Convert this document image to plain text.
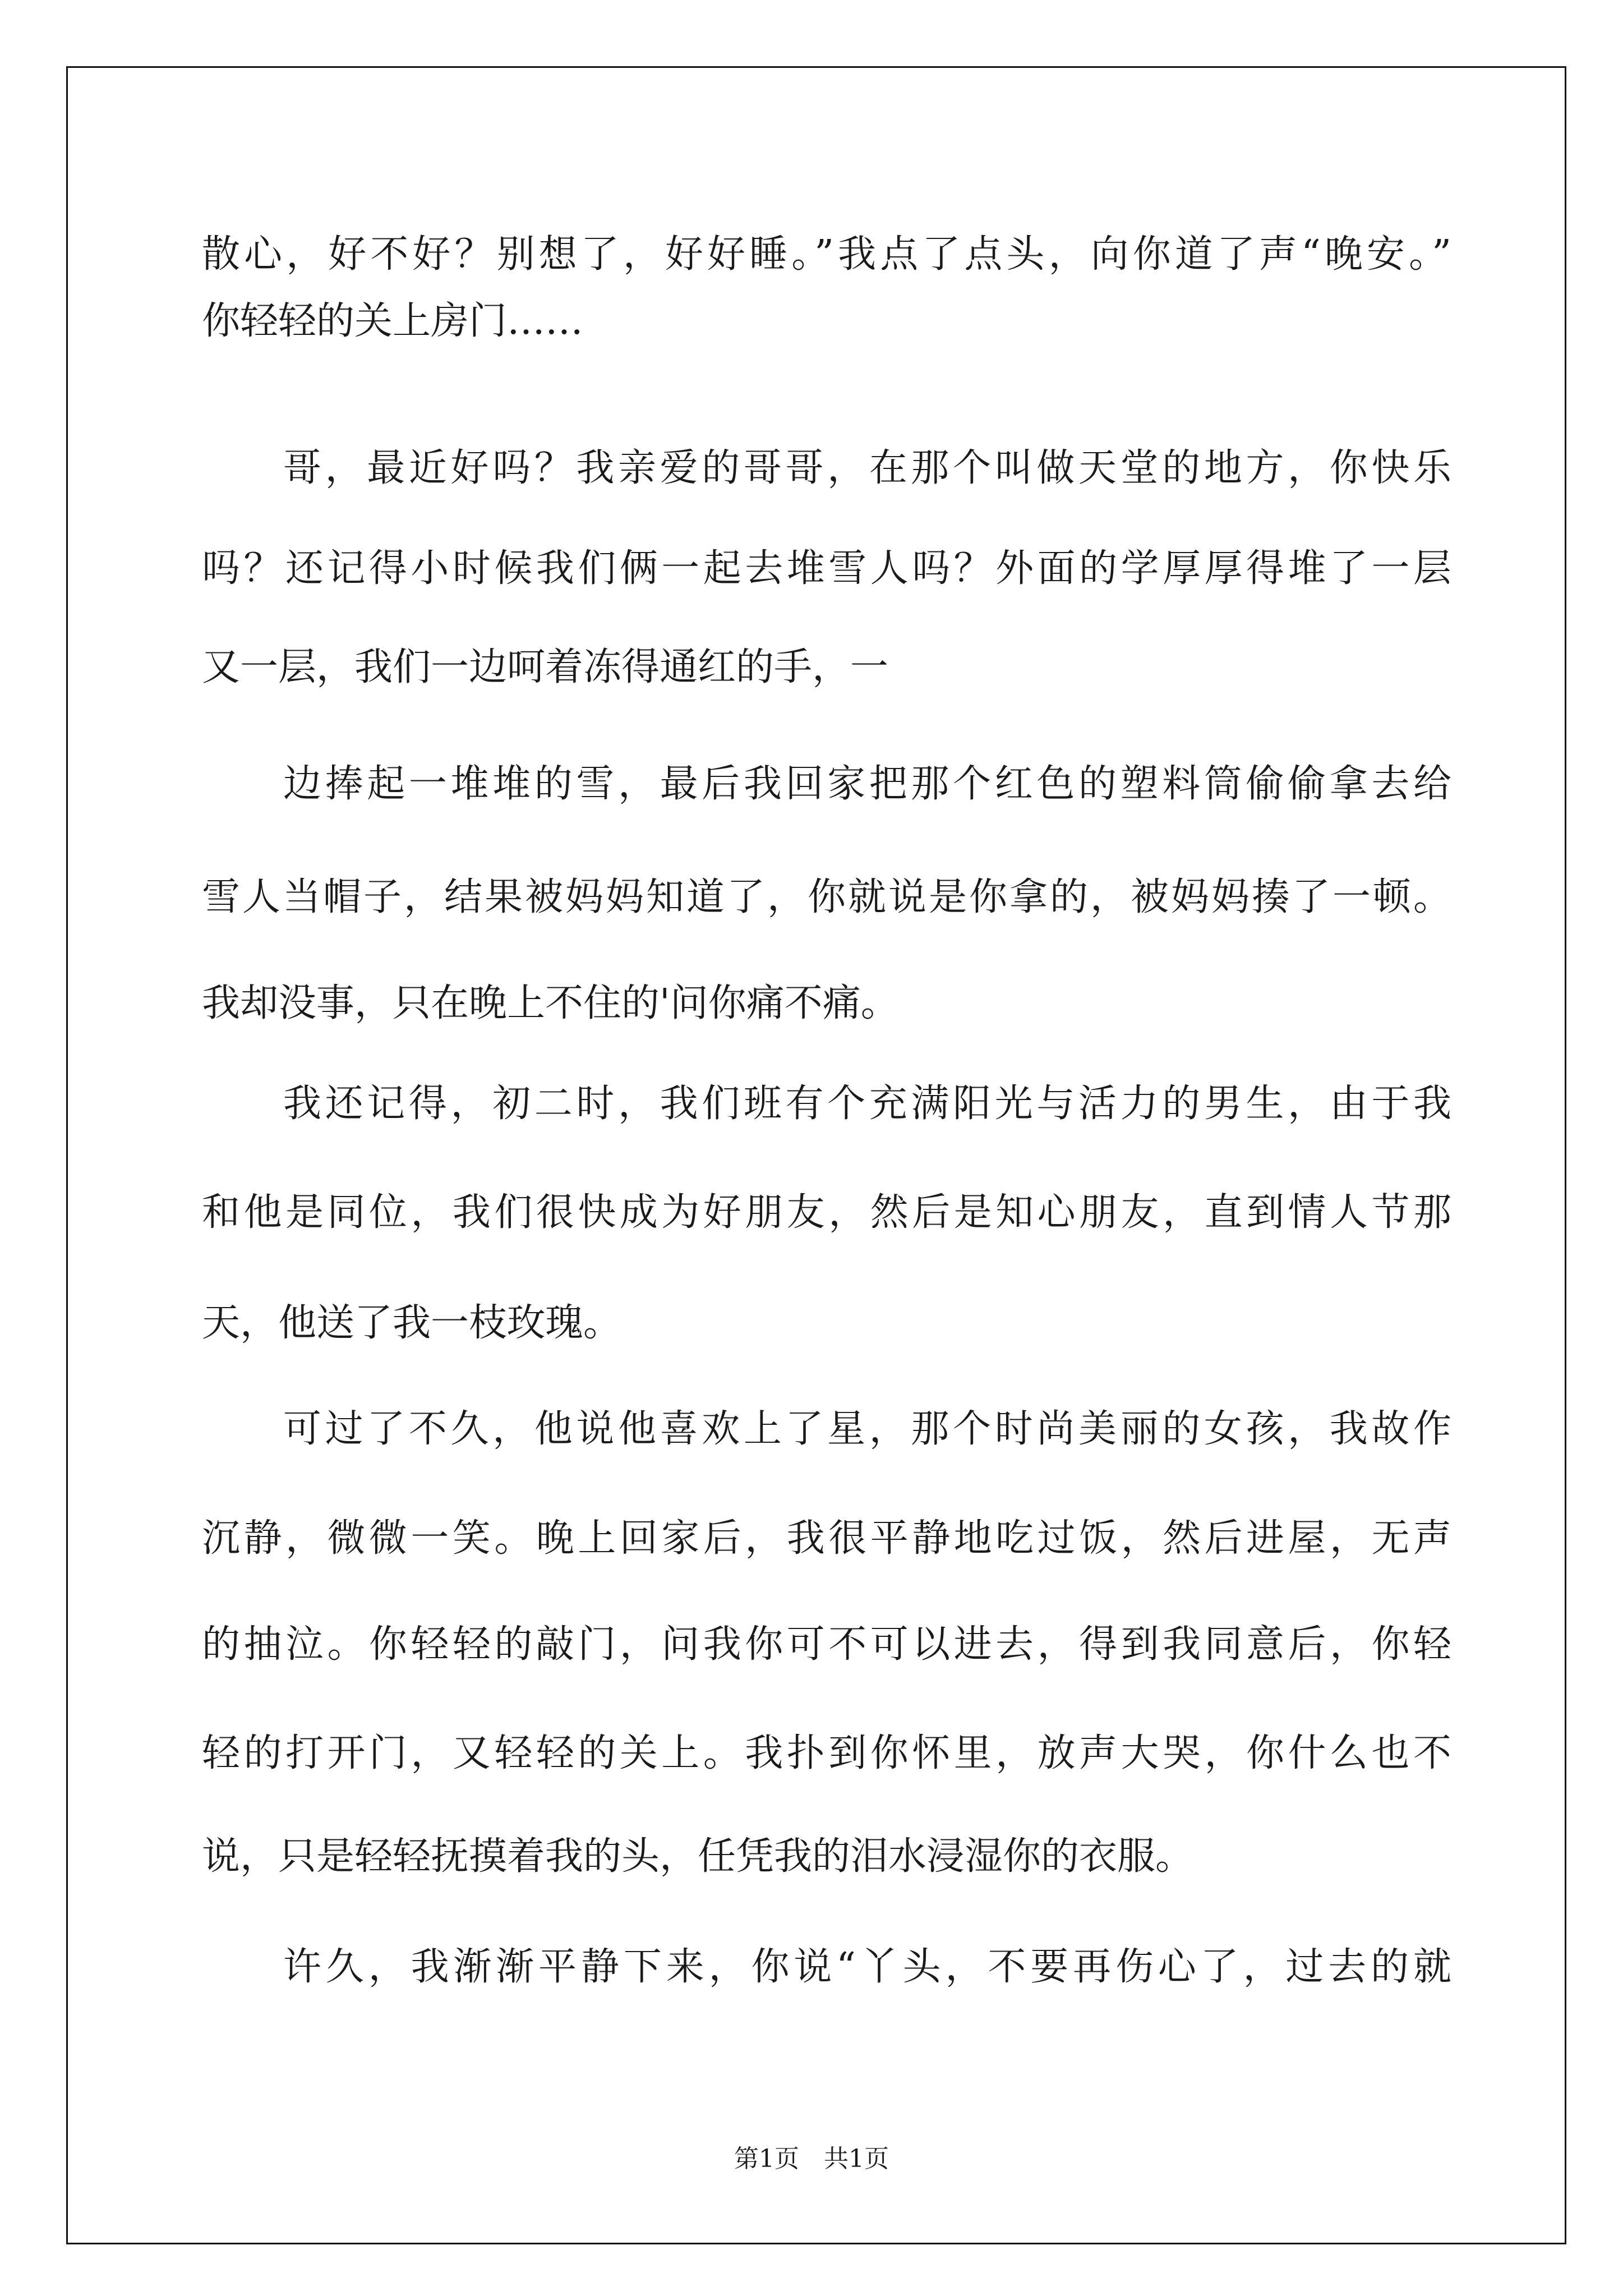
散心，好不好？别想了，好好睡。”我点了点头，向你道了声“晚安。”
你轻轻的关上房门……
哥，最近好吗？我亲爱的哥哥，在那个叫做天堂的地方，你快乐
吗？还记得小时候我们俩一起去堆雪人吗？外面的学厚厚得堆了一层
又一层，我们一边呵着冻得通红的手，一
边捧起一堆堆的雪，最后我回家把那个红色的塑料筒偷偷拿去给
雪人当帽子，结果被妈妈知道了，你就说是你拿的，被妈妈揍了一顿。
我却没事，只在晚上不住的'问你痛不痛。
我还记得，初二时，我们班有个充满阳光与活力的男生，由于我
和他是同位，我们很快成为好朋友，然后是知心朋友，直到情人节那
天，他送了我一枝玫瑰。
可过了不久，他说他喜欢上了星，那个时尚美丽的女孩，我故作
沉静，微微一笑。晚上回家后，我很平静地吃过饭，然后进屋，无声
的抽泣。你轻轻的敲门，问我你可不可以进去，得到我同意后，你轻
轻的打开门，又轻轻的关上。我扑到你怀里，放声大哭，你什么也不
说，只是轻轻抚摸着我的头，任凭我的泪水浸湿你的衣服。
许久，我渐渐平静下来，你说“丫头，不要再伤心了，过去的就
第1页　共1页
